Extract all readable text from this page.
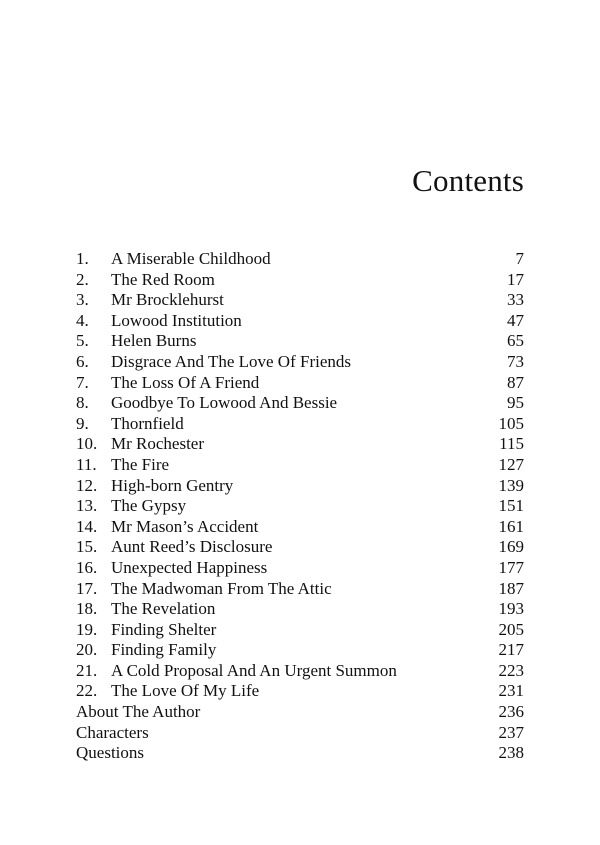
Contents
1. A Miserable Childhood	7
2. The Red Room	17
3. Mr Brocklehurst	33
4. Lowood Institution	47
5. Helen Burns	65
6. Disgrace And The Love Of Friends	73
7. The Loss Of A Friend	87
8. Goodbye To Lowood And Bessie	95
9. Thornfield	105
10. Mr Rochester	115
11. The Fire	127
12. High-born Gentry	139
13. The Gypsy	151
14. Mr Mason’s Accident	161
15. Aunt Reed’s Disclosure	169
16. Unexpected Happiness	177
17. The Madwoman From The Attic	187
18. The Revelation	193
19. Finding Shelter	205
20. Finding Family	217
21. A Cold Proposal And An Urgent Summon	223
22. The Love Of My Life	231
About The Author	236
Characters	237
Questions	238
